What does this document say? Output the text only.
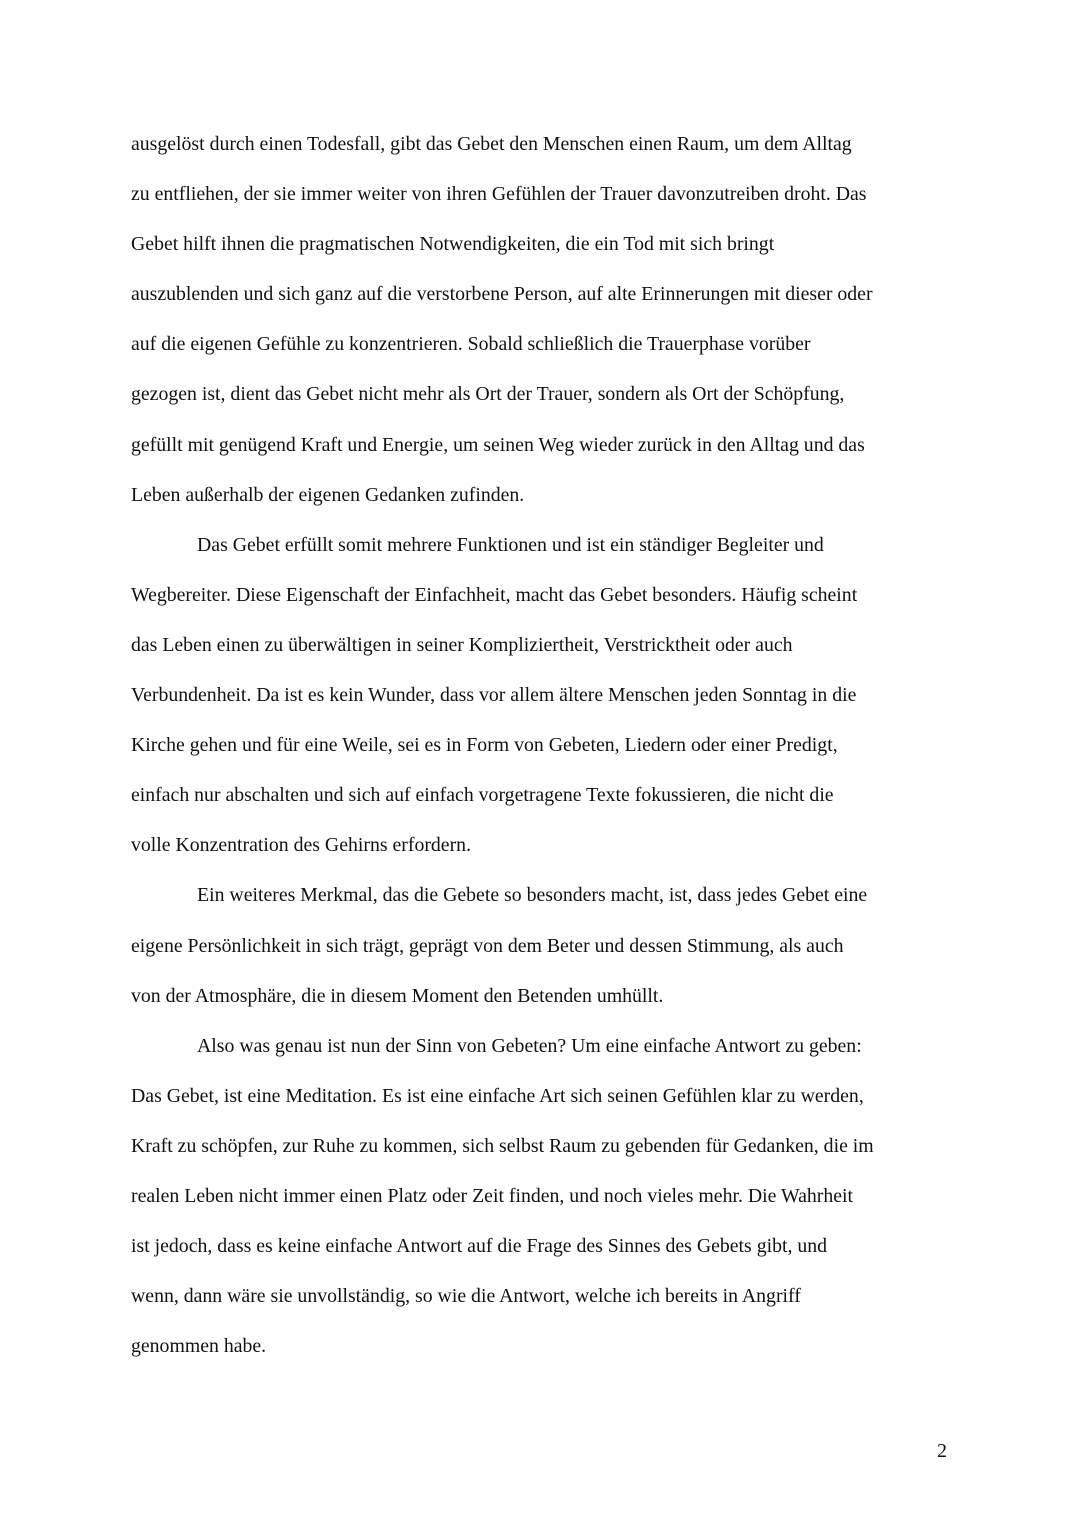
ausgelöst durch einen Todesfall, gibt das Gebet den Menschen einen Raum, um dem Alltag
zu entfliehen, der sie immer weiter von ihren Gefühlen der Trauer davonzutreiben droht. Das
Gebet hilft ihnen die pragmatischen Notwendigkeiten, die ein Tod mit sich bringt
auszublenden und sich ganz auf die verstorbene Person, auf alte Erinnerungen mit dieser oder
auf die eigenen Gefühle zu konzentrieren. Sobald schließlich die Trauerphase vorüber
gezogen ist, dient das Gebet nicht mehr als Ort der Trauer, sondern als Ort der Schöpfung,
gefüllt mit genügend Kraft und Energie, um seinen Weg wieder zurück in den Alltag und das
Leben außerhalb der eigenen Gedanken zufinden.
Das Gebet erfüllt somit mehrere Funktionen und ist ein ständiger Begleiter und
Wegbereiter. Diese Eigenschaft der Einfachheit, macht das Gebet besonders. Häufig scheint
das Leben einen zu überwältigen in seiner Kompliziertheit, Verstricktheit oder auch
Verbundenheit. Da ist es kein Wunder, dass vor allem ältere Menschen jeden Sonntag in die
Kirche gehen und für eine Weile, sei es in Form von Gebeten, Liedern oder einer Predigt,
einfach nur abschalten und sich auf einfach vorgetragene Texte fokussieren, die nicht die
volle Konzentration des Gehirns erfordern.
Ein weiteres Merkmal, das die Gebete so besonders macht, ist, dass jedes Gebet eine
eigene Persönlichkeit in sich trägt, geprägt von dem Beter und dessen Stimmung, als auch
von der Atmosphäre, die in diesem Moment den Betenden umhüllt.
Also was genau ist nun der Sinn von Gebeten? Um eine einfache Antwort zu geben:
Das Gebet, ist eine Meditation. Es ist eine einfache Art sich seinen Gefühlen klar zu werden,
Kraft zu schöpfen, zur Ruhe zu kommen, sich selbst Raum zu gebenden für Gedanken, die im
realen Leben nicht immer einen Platz oder Zeit finden, und noch vieles mehr. Die Wahrheit
ist jedoch, dass es keine einfache Antwort auf die Frage des Sinnes des Gebets gibt, und
wenn, dann wäre sie unvollständig, so wie die Antwort, welche ich bereits in Angriff
genommen habe.
2
